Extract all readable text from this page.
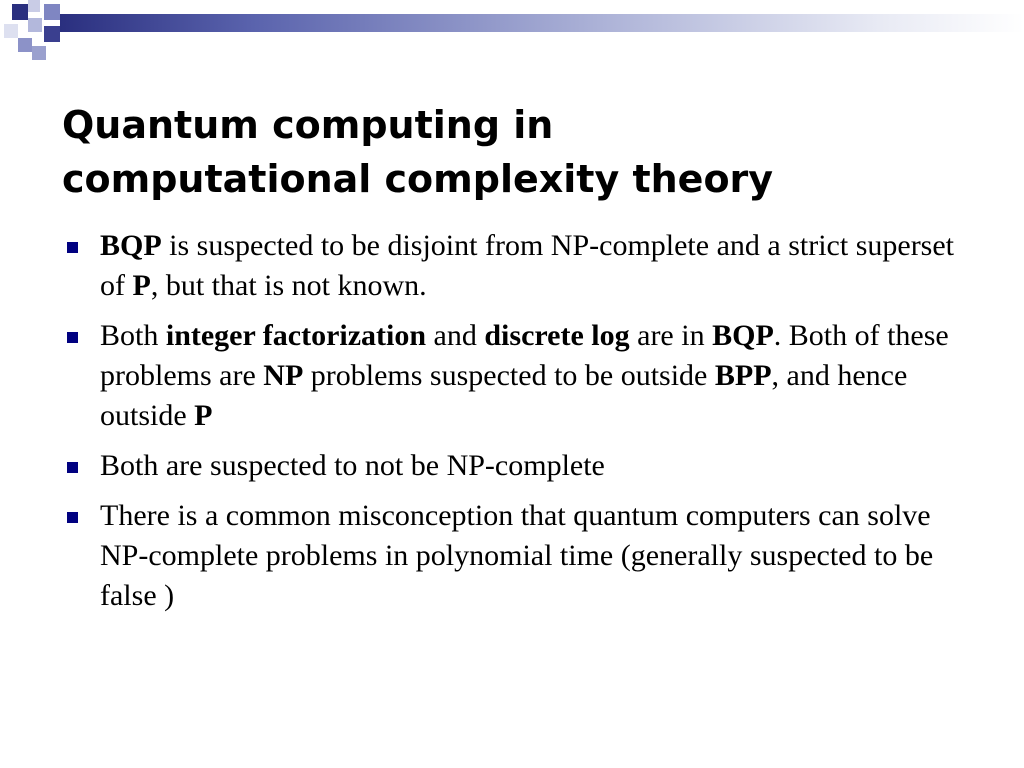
Quantum computing in
computational complexity theory
BQP is suspected to be disjoint from NP-complete and a strict superset of P, but that is not known.
Both integer factorization and discrete log are in BQP. Both of these problems are NP problems suspected to be outside BPP, and hence outside P
Both are suspected to not be NP-complete
There is a common misconception that quantum computers can solve NP-complete problems in polynomial time (generally suspected to be false )
